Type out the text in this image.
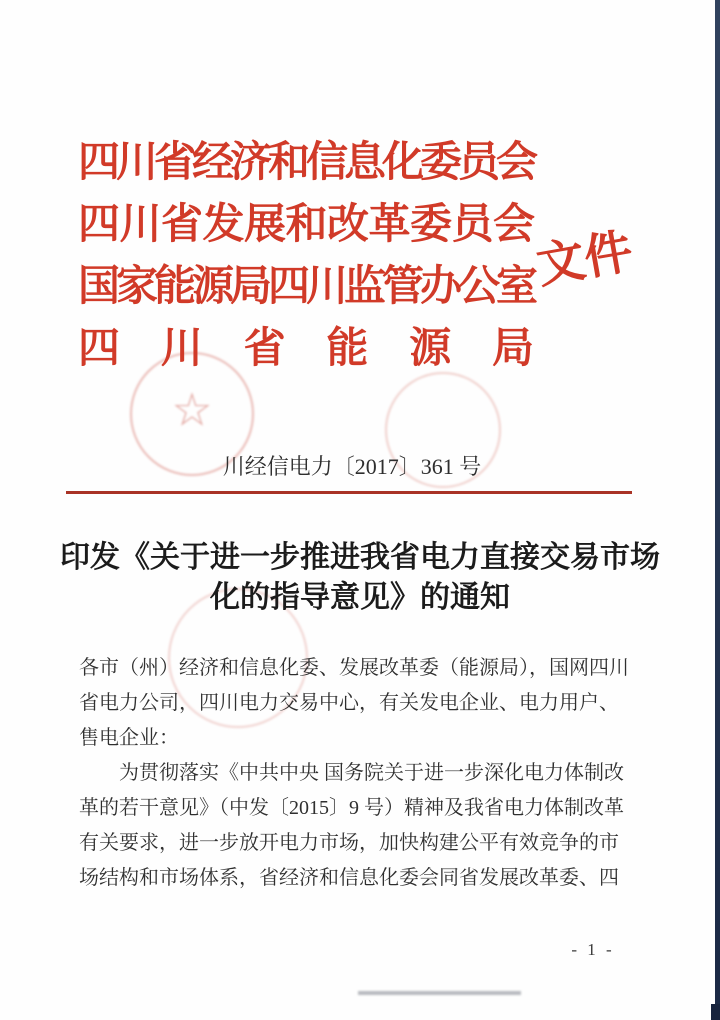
☆
四川省经济和信息化委员会
四川省发展和改革委员会
国家能源局四川监管办公室
四 川 省 能 源 局
文件
川经信电力〔2017〕361 号
印发《关于进一步推进我省电力直接交易市场
化的指导意见》的通知
各市（州）经济和信息化委、发展改革委（能源局），国网四川
省电力公司，四川电力交易中心，有关发电企业、电力用户、
售电企业：
为贯彻落实《中共中央 国务院关于进一步深化电力体制改
革的若干意见》（中发〔2015〕9 号）精神及我省电力体制改革
有关要求，进一步放开电力市场，加快构建公平有效竞争的市
场结构和市场体系，省经济和信息化委会同省发展改革委、四
- 1 -
